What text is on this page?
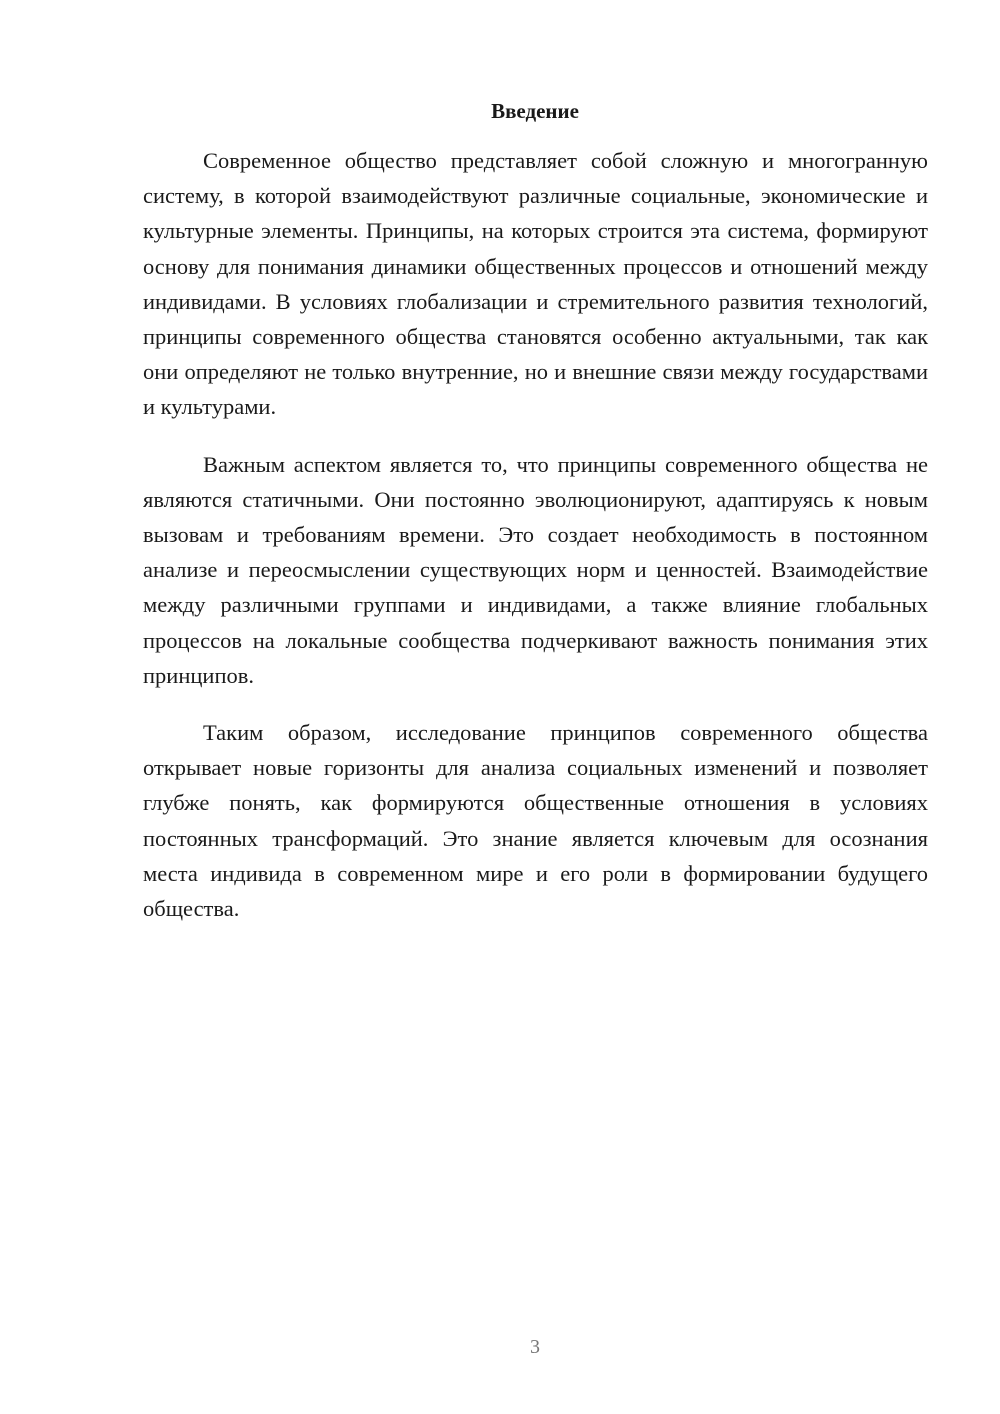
Введение

Современное общество представляет собой сложную и многогранную систему, в которой взаимодействуют различные социальные, экономические и культурные элементы. Принципы, на которых строится эта система, формируют основу для понимания динамики общественных процессов и отношений между индивидами. В условиях глобализации и стремительного развития технологий, принципы современного общества становятся особенно актуальными, так как они определяют не только внутренние, но и внешние связи между государствами и культурами.

Важным аспектом является то, что принципы современного общества не являются статичными. Они постоянно эволюционируют, адаптируясь к новым вызовам и требованиям времени. Это создает необходимость в постоянном анализе и переосмыслении существующих норм и ценностей. Взаимодействие между различными группами и индивидами, а также влияние глобальных процессов на локальные сообщества подчеркивают важность понимания этих принципов.

Таким образом, исследование принципов современного общества открывает новые горизонты для анализа социальных изменений и позволяет глубже понять, как формируются общественные отношения в условиях постоянных трансформаций. Это знание является ключевым для осознания места индивида в современном мире и его роли в формировании будущего общества.

3
